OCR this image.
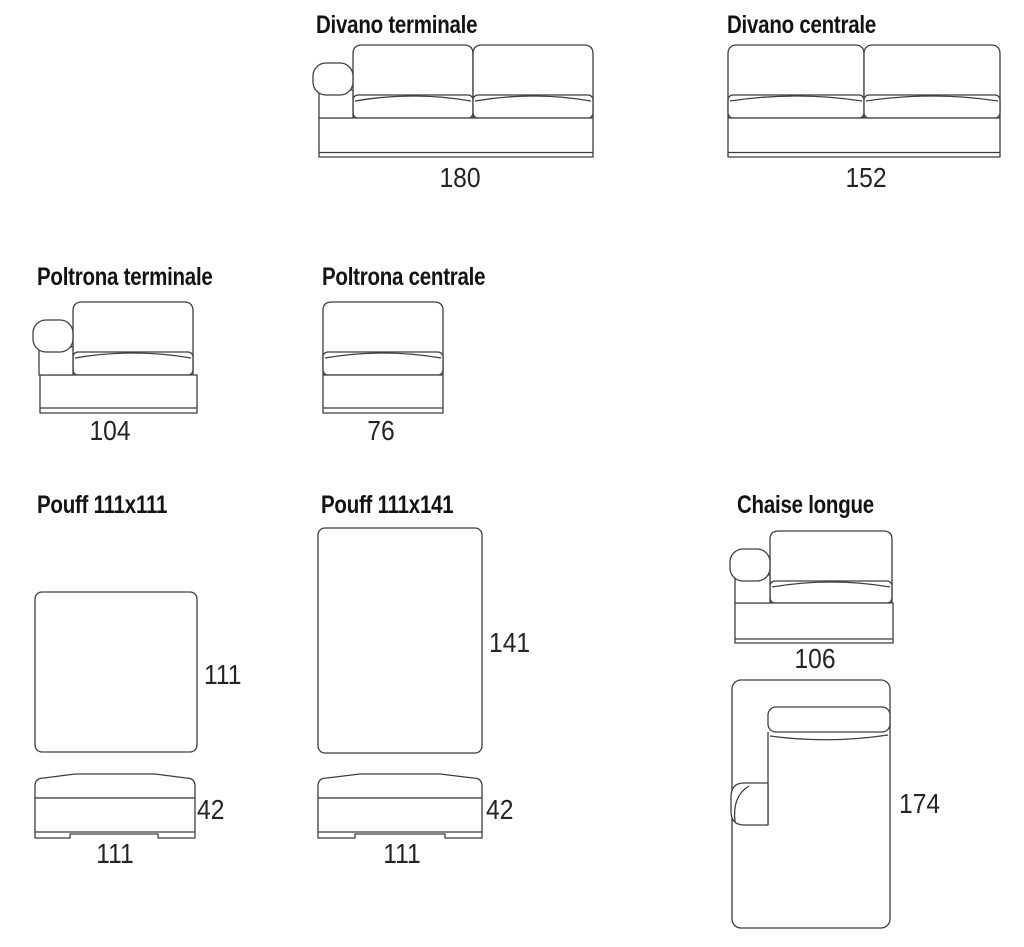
Divano terminale	Divano centrale
Poltrona terminale	Poltrona centrale
Pouff 111x111	Pouff 111x141	Chaise longue
180	152
104	76
111
42
111
141
42
111
106
174
